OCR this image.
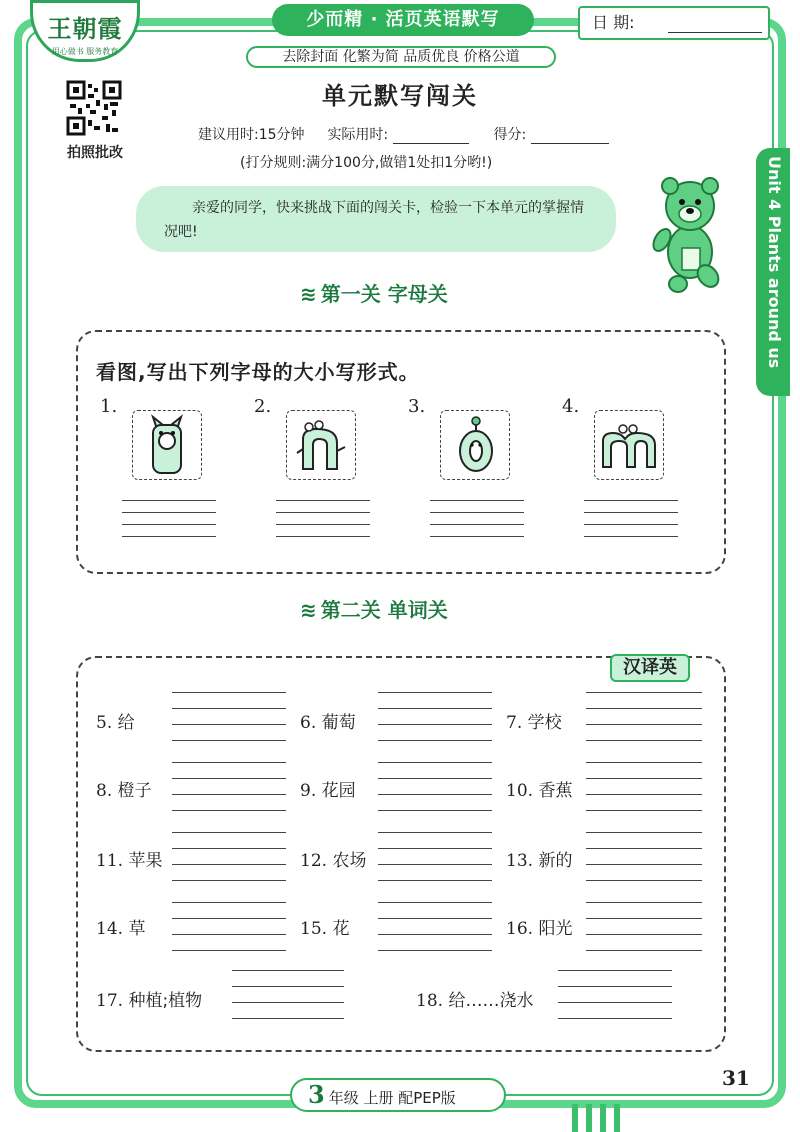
王朝霞
用心做书 服务教育
少而精 · 活页英语默写
去除封面 化繁为简 品质优良 价格公道
日 期:
拍照批改
单元默写闯关
建议用时:15分钟 实际用时:	得分:
(打分规则:满分100分,做错1处扣1分哟!)
亲爱的同学，快来挑战下面的闯关卡，检验一下本单元的掌握情况吧!	Unit 4 Plants around us
≋ 第一关 字母关
看图,写出下列字母的大小写形式。
1.	2.	3.	4.
≋ 第二关 单词关
汉译英
5. 给	6. 葡萄	7. 学校
8. 橙子	9. 花园	10. 香蕉
11. 苹果	12. 农场	13. 新的
14. 草	15. 花	16. 阳光
17. 种植;植物	18. 给……浇水
3 年级 上册 配PEP版
31
